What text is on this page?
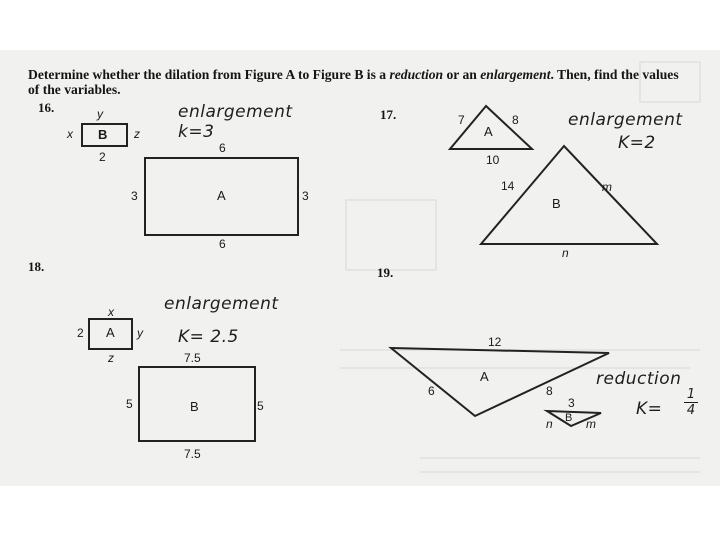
Determine whether the dilation from Figure A to Figure B is a reduction or an enlargement. Then, find the values of the variables.
16.	y
x B z
2
6
3	A	3
6
enlargement
k=3
17.	7	8
A
10
14	m
B
n
enlargement
K=2
18.
x
2 A y
z	7.5
5	B	5
7.5
enlargement
K= 2.5
19.
12
6
A
8
3
n B m
reduction
K=
1
4
